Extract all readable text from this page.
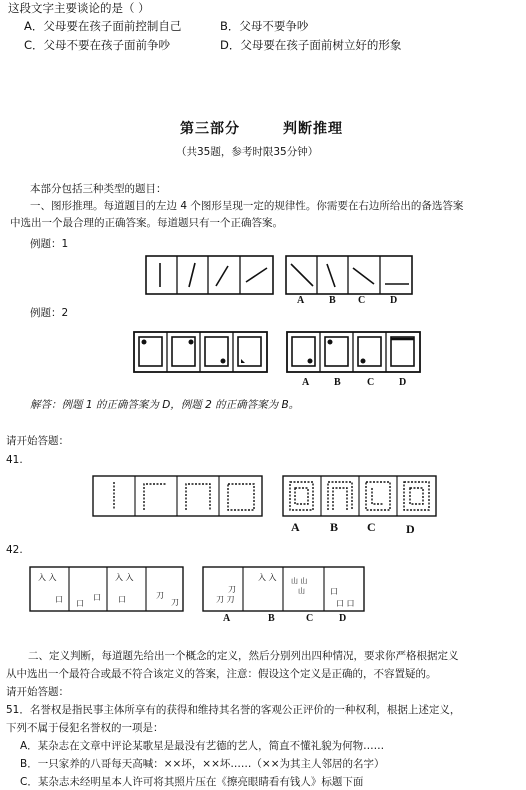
这段文字主要谈论的是（ ）
A．父母要在孩子面前控制自己	B．父母不要争吵
C．父母不要在孩子面前争吵	D．父母要在孩子面前树立好的形象
第三部分	判断推理
（共35题，参考时限35分钟）
本部分包括三种类型的题目：
一、图形推理。每道题目的左边 4 个图形呈现一定的规律性。你需要在右边所给出的备选答案
中选出一个最合理的正确答案。每道题只有一个正确答案。
例题：1
例题：2
A B C D
A B	C D
解答：例题 1 的正确答案为 D，例题 2 的正确答案为 B。
请开始答题：
41.
A	B C	D
42.
入 入
口 口
口
入 入
口	刀
刀
刀
刀 刀
入 入 山 山
山	口
口 口
A	B	C	D
二、定义判断，每道题先给出一个概念的定义，然后分别列出四种情况，要求你严格根据定义
从中选出一个最符合或最不符合该定义的答案，注意：假设这个定义是正确的，不容置疑的。
请开始答题：
51．名誉权是指民事主体所享有的获得和维持其名誉的客观公正评价的一种权利，根据上述定义，
下列不属于侵犯名誉权的一项是：
A．某杂志在文章中评论某歌星是最没有艺德的艺人，简直不懂礼貌为何物……
B．一只家养的八哥每天高喊：××坏，××坏……（××为其主人邻居的名字）
C．某杂志未经明星本人许可将其照片压在《擦亮眼睛看有钱人》标题下面
